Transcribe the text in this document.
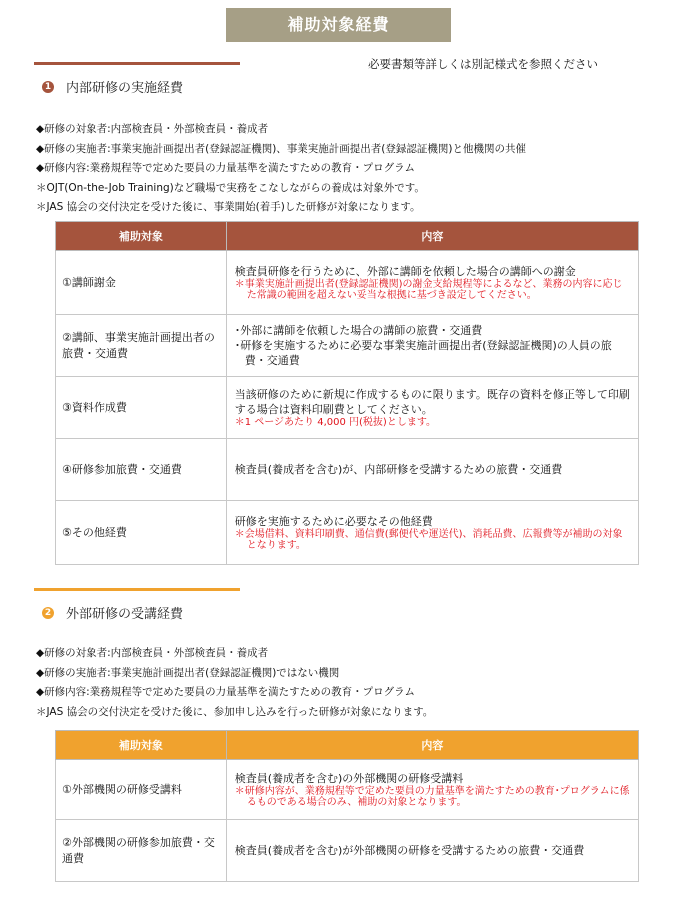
補助対象経費
必要書類等詳しくは別記様式を参照ください
1 内部研修の実施経費
◆研修の対象者:内部検査員・外部検査員・養成者
◆研修の実施者:事業実施計画提出者(登録認証機関)、事業実施計画提出者(登録認証機関)と他機関の共催
◆研修内容:業務規程等で定めた要員の力量基準を満たすための教育・プログラム
＊OJT(On-the-Job Training)など職場で実務をこなしながらの養成は対象外です。
＊JAS 協会の交付決定を受けた後に、事業開始(着手)した研修が対象になります。
補助対象	内容
①講師謝金	検査員研修を行うために、外部に講師を依頼した場合の講師への謝金
＊事業実施計画提出者(登録認証機関)の謝金支給規程等によるなど、業務の内容に応じた常識の範囲を超えない妥当な根拠に基づき設定してください。

②講師、事業実施計画提出者の旅費・交通費	･外部に講師を依頼した場合の講師の旅費・交通費
･研修を実施するために必要な事業実施計画提出者(登録認証機関)の人員の旅費・交通費

③資料作成費	当該研修のために新規に作成するものに限ります。既存の資料を修正等して印刷する場合は資料印刷費としてください。
＊1 ページあたり 4,000 円(税抜)とします。

④研修参加旅費・交通費	検査員(養成者を含む)が、内部研修を受講するための旅費・交通費
⑤その他経費	研修を実施するために必要なその他経費
＊会場借料、資料印刷費、通信費(郵便代や運送代)、消耗品費、広報費等が補助の対象となります。
2 外部研修の受講経費
◆研修の対象者:内部検査員・外部検査員・養成者
◆研修の実施者:事業実施計画提出者(登録認証機関)ではない機関
◆研修内容:業務規程等で定めた要員の力量基準を満たすための教育・プログラム
＊JAS 協会の交付決定を受けた後に、参加申し込みを行った研修が対象になります。
補助対象	内容
①外部機関の研修受講料	検査員(養成者を含む)の外部機関の研修受講料
＊研修内容が、業務規程等で定めた要員の力量基準を満たすための教育･プログラムに係るものである場合のみ、補助の対象となります。

②外部機関の研修参加旅費・交通費	検査員(養成者を含む)が外部機関の研修を受講するための旅費・交通費
